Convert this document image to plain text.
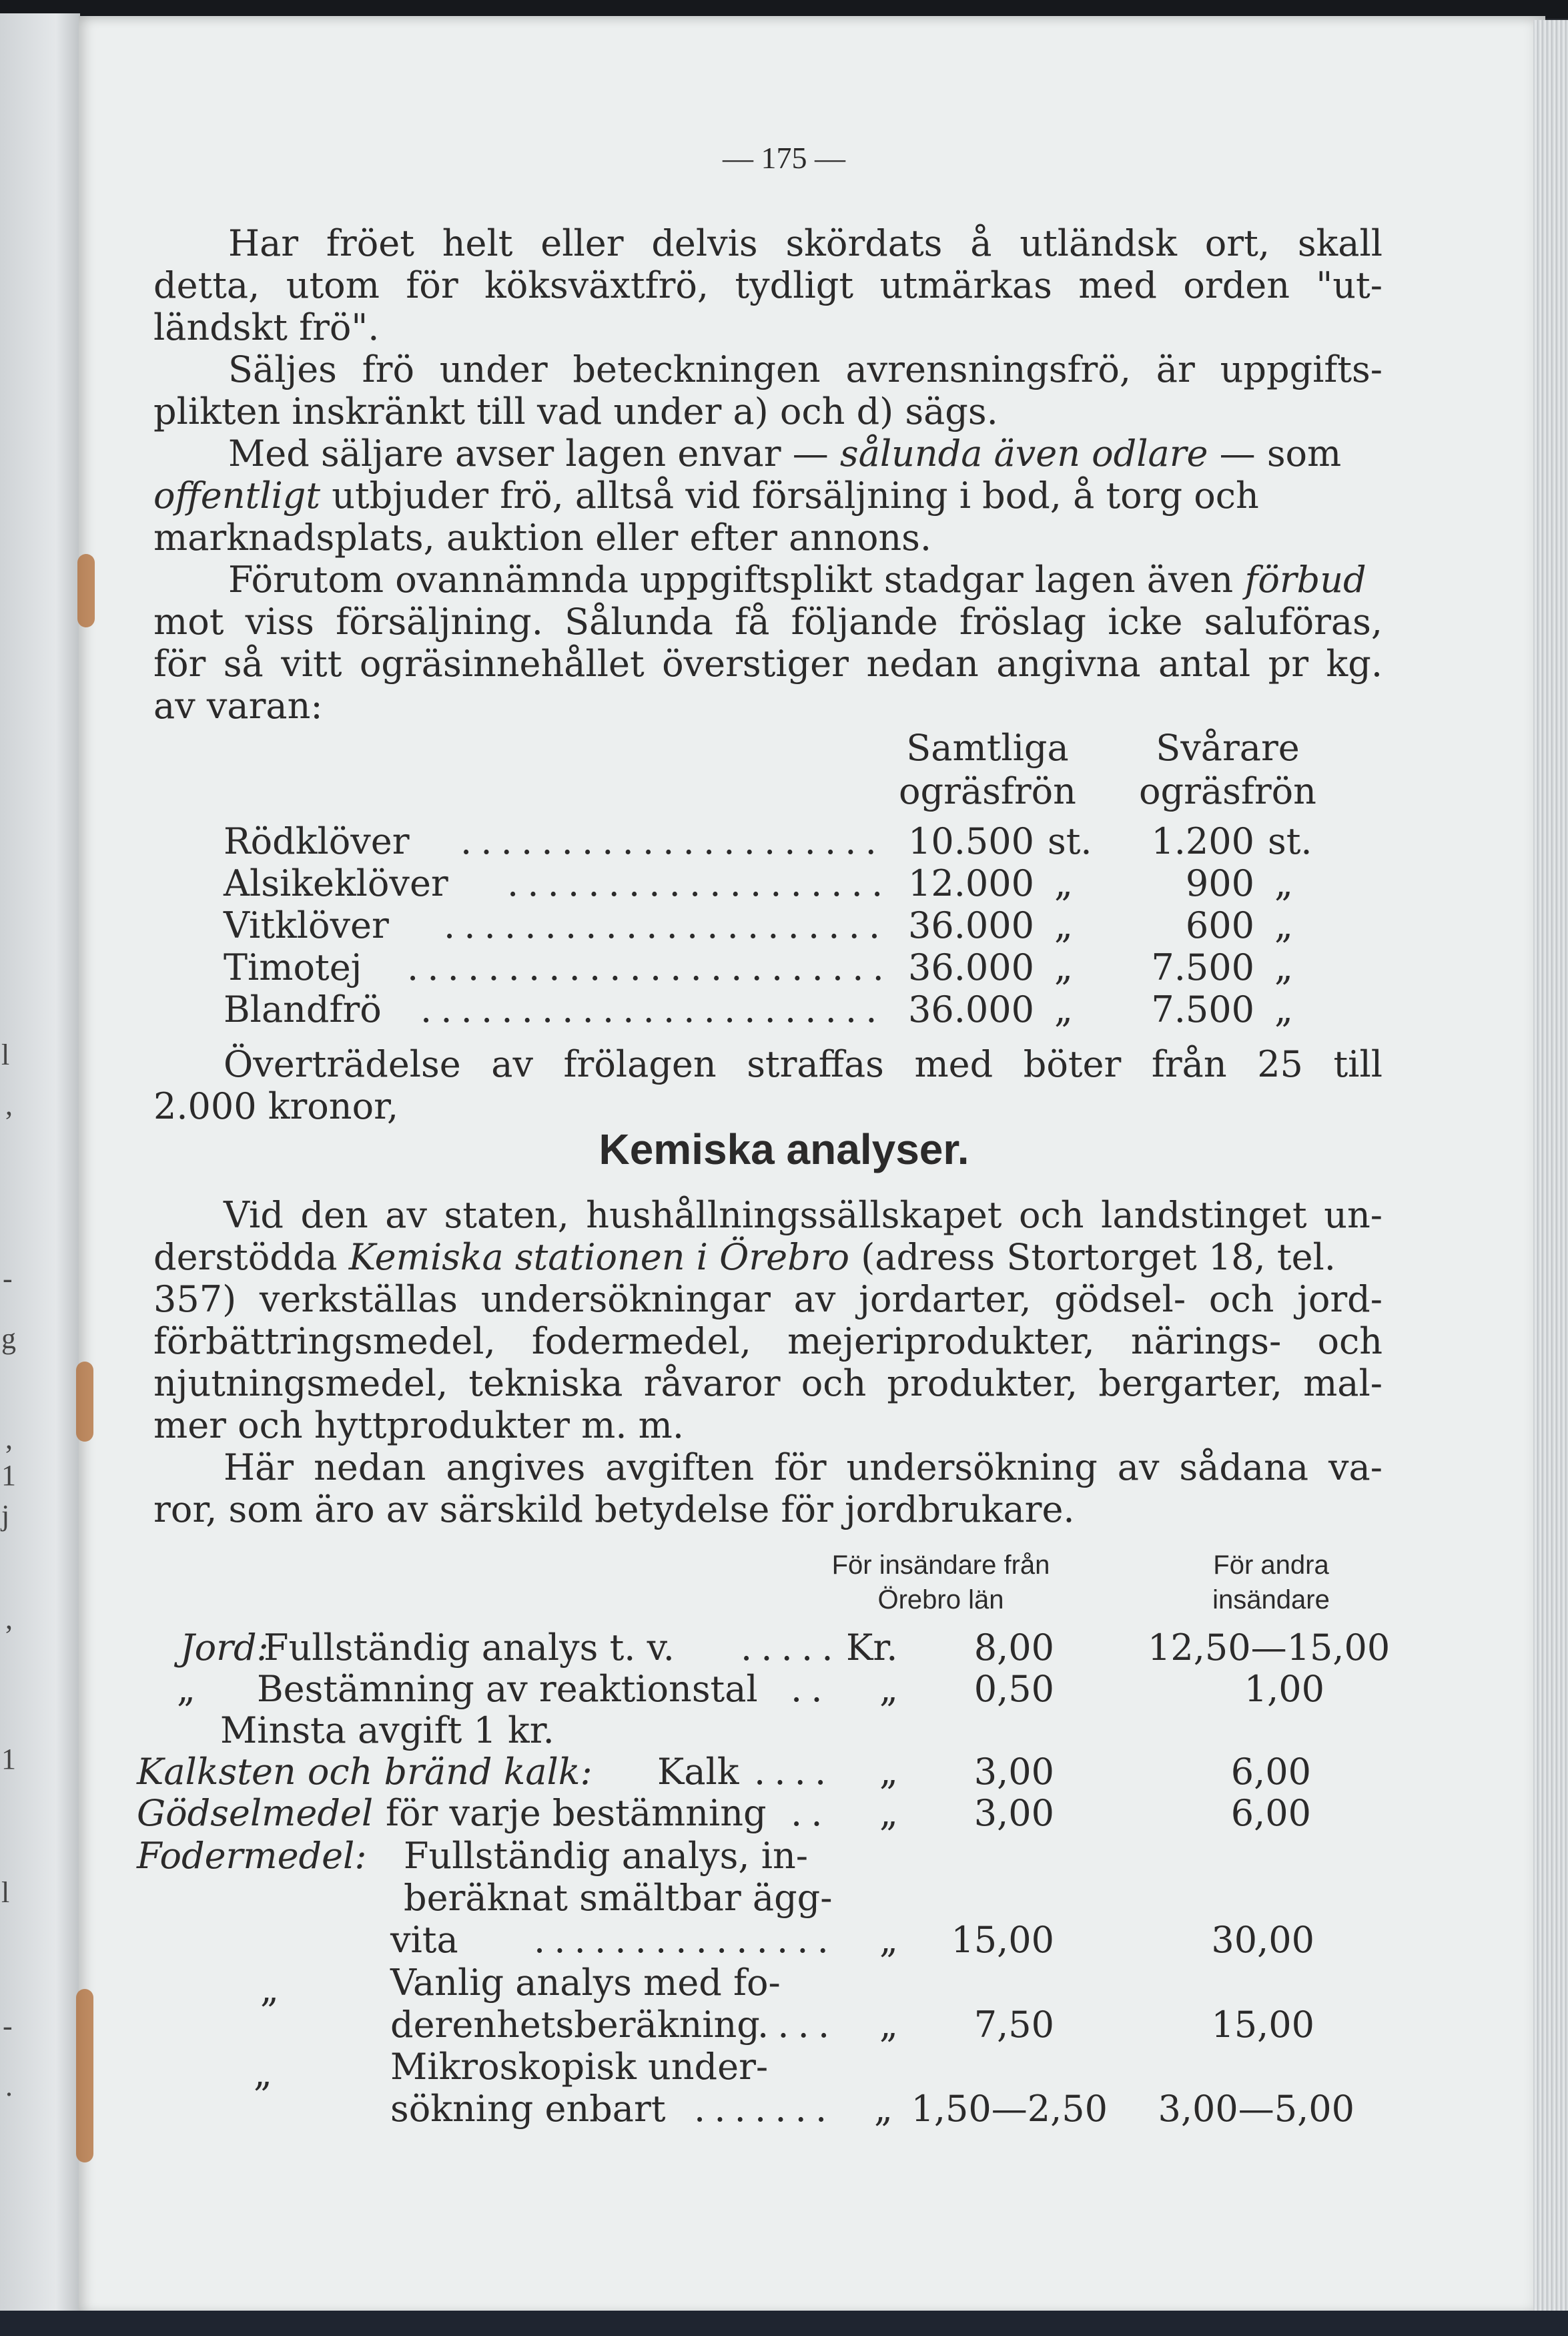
l
,
-
g
,
1
j
,
1
l
-
.
— 175 —
Har fröet helt eller delvis skördats å utländsk ort, skall
detta, utom för köksväxtfrö, tydligt utmärkas med orden "ut-
ländskt frö".
Säljes frö under beteckningen avrensningsfrö, är uppgifts-
plikten inskränkt till vad under a) och d) sägs.
Med säljare avser lagen envar — sålunda även odlare — som
offentligt utbjuder frö, alltså vid försäljning i bod, å torg och
marknadsplats, auktion eller efter annons.
Förutom ovannämnda uppgiftsplikt stadgar lagen även förbud
mot viss försäljning. Sålunda få följande fröslag icke saluföras,
för så vitt ogräsinnehållet överstiger nedan angivna antal pr kg.
av varan:
Samtliga
ogräsfrön
Svårare
ogräsfrön
Rödklöver . . .	10.500 st.	1.200 st.
Alsikeklöver . . .	12.000 „	900 „
Vitklöver . . .	36.000 „	600 „
Timotej . . .	36.000 „	7.500 „
Blandfrö . . .	36.000 „	7.500 „
Överträdelse av frölagen straffas med böter från 25 till
2.000 kronor,
Kemiska analyser.
Vid den av staten, hushållningssällskapet och landstinget un-
derstödda Kemiska stationen i Örebro (adress Stortorget 18, tel.
357) verkställas undersökningar av jordarter, gödsel- och jord-
förbättringsmedel, fodermedel, mejeriprodukter, närings- och
njutningsmedel, tekniska råvaror och produkter, bergarter, mal-
mer och hyttprodukter m. m.
Här nedan angives avgiften för undersökning av sådana va-
ror, som äro av särskild betydelse för jordbrukare.
För insändare från
Örebro län
För andra
insändare
Jord:
Fullständig analys t. v. . . .	Kr.	8,00	12,50—15,00
„ Bestämning av reaktionstal . . .	„	0,50	1,00
Minsta avgift 1 kr.
Kalksten och bränd kalk: Kalk . . .	„	3,00	6,00
Gödselmedel för varje bestämning . . .	„	3,00	6,00
Fodermedel: Fullständig analys, in-
beräknat smältbar ägg-
vita . . .	„	15,00	30,00
„	Vanlig analys med fo-
derenhetsberäkning . . .	„	7,50	15,00
„	Mikroskopisk under-
sökning enbart . . .	„ 1,50—2,50	3,00—5,00
